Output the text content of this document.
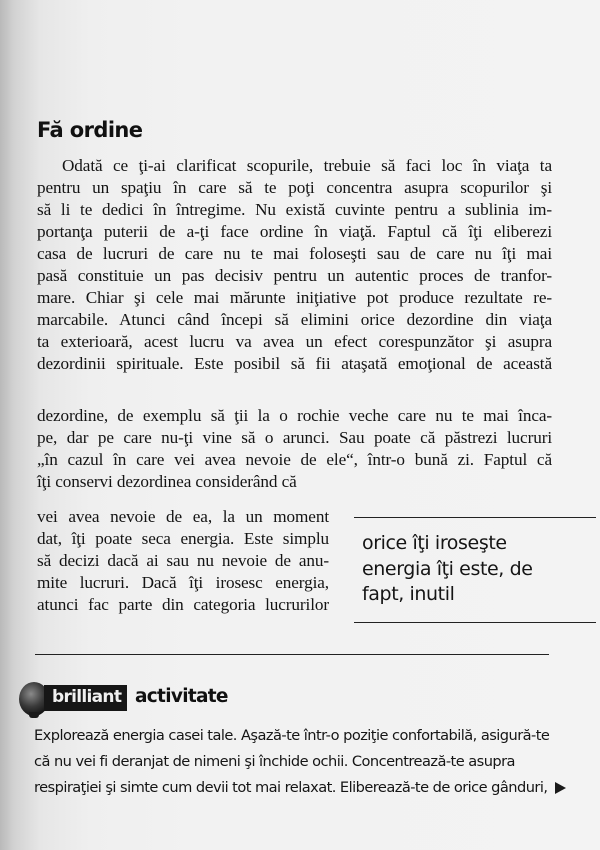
Fă ordine
Odată ce ţi-ai clarificat scopurile, trebuie să faci loc în viaţa ta
pentru un spaţiu în care să te poţi concentra asupra scopurilor şi
să li te dedici în întregime. Nu există cuvinte pentru a sublinia im-
portanţa puterii de a-ţi face ordine în viaţă. Faptul că îţi eliberezi
casa de lucruri de care nu te mai foloseşti sau de care nu îţi mai
pasă constituie un pas decisiv pentru un autentic proces de tranfor-
mare. Chiar şi cele mai mărunte iniţiative pot produce rezultate re-
marcabile. Atunci când începi să elimini orice dezordine din viaţa
ta exterioară, acest lucru va avea un efect corespunzător şi asupra
dezordinii spirituale. Este posibil să fii ataşată emoţional de această
dezordine, de exemplu să ţii la o rochie veche care nu te mai înca-
pe, dar pe care nu-ţi vine să o arunci. Sau poate că păstrezi lucruri
„în cazul în care vei avea nevoie de ele“, într-o bună zi. Faptul că
îţi conservi dezordinea considerând că
vei avea nevoie de ea, la un moment
dat, îţi poate seca energia. Este simplu
să decizi dacă ai sau nu nevoie de anu-
mite lucruri. Dacă îţi irosesc energia,
atunci fac parte din categoria lucrurilor
orice îţi iroseşte
energia îţi este, de
fapt, inutil
brilliant activitate
Explorează energia casei tale. Aşază-te într-o poziţie confortabilă, asigură-te
că nu vei fi deranjat de nimeni şi închide ochii. Concentrează-te asupra
respiraţiei şi simte cum devii tot mai relaxat. Eliberează-te de orice gânduri,
